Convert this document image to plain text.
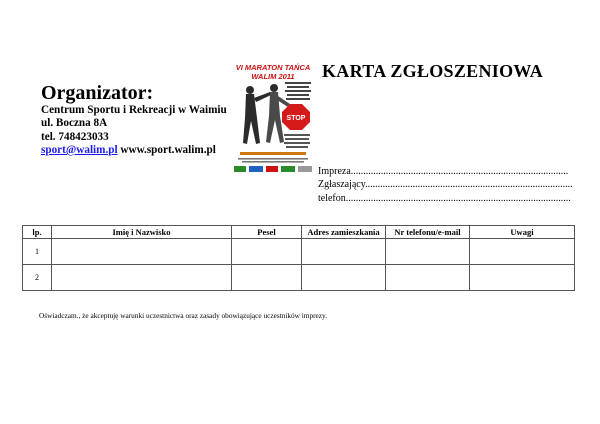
Organizator:
Centrum Sportu i Rekreacji w Waimiu
ul. Boczna 8A
tel. 748423033
sport@walim.pl www.sport.walim.pl
VI MARATON TAŃCA
WALIM 2011
STOP
KARTA ZGŁOSZENIOWA
Impreza.......................................................................................
Zgłaszający...................................................................................
telefon..........................................................................................
lp.	Imię i Nazwisko	Pesel	Adres zamieszkania	Nr telefonu/e-mail	Uwagi
1					
2					
Oświadczam., że akceptuję warunki uczestnictwa oraz zasady obowiązujące uczestników imprezy.
